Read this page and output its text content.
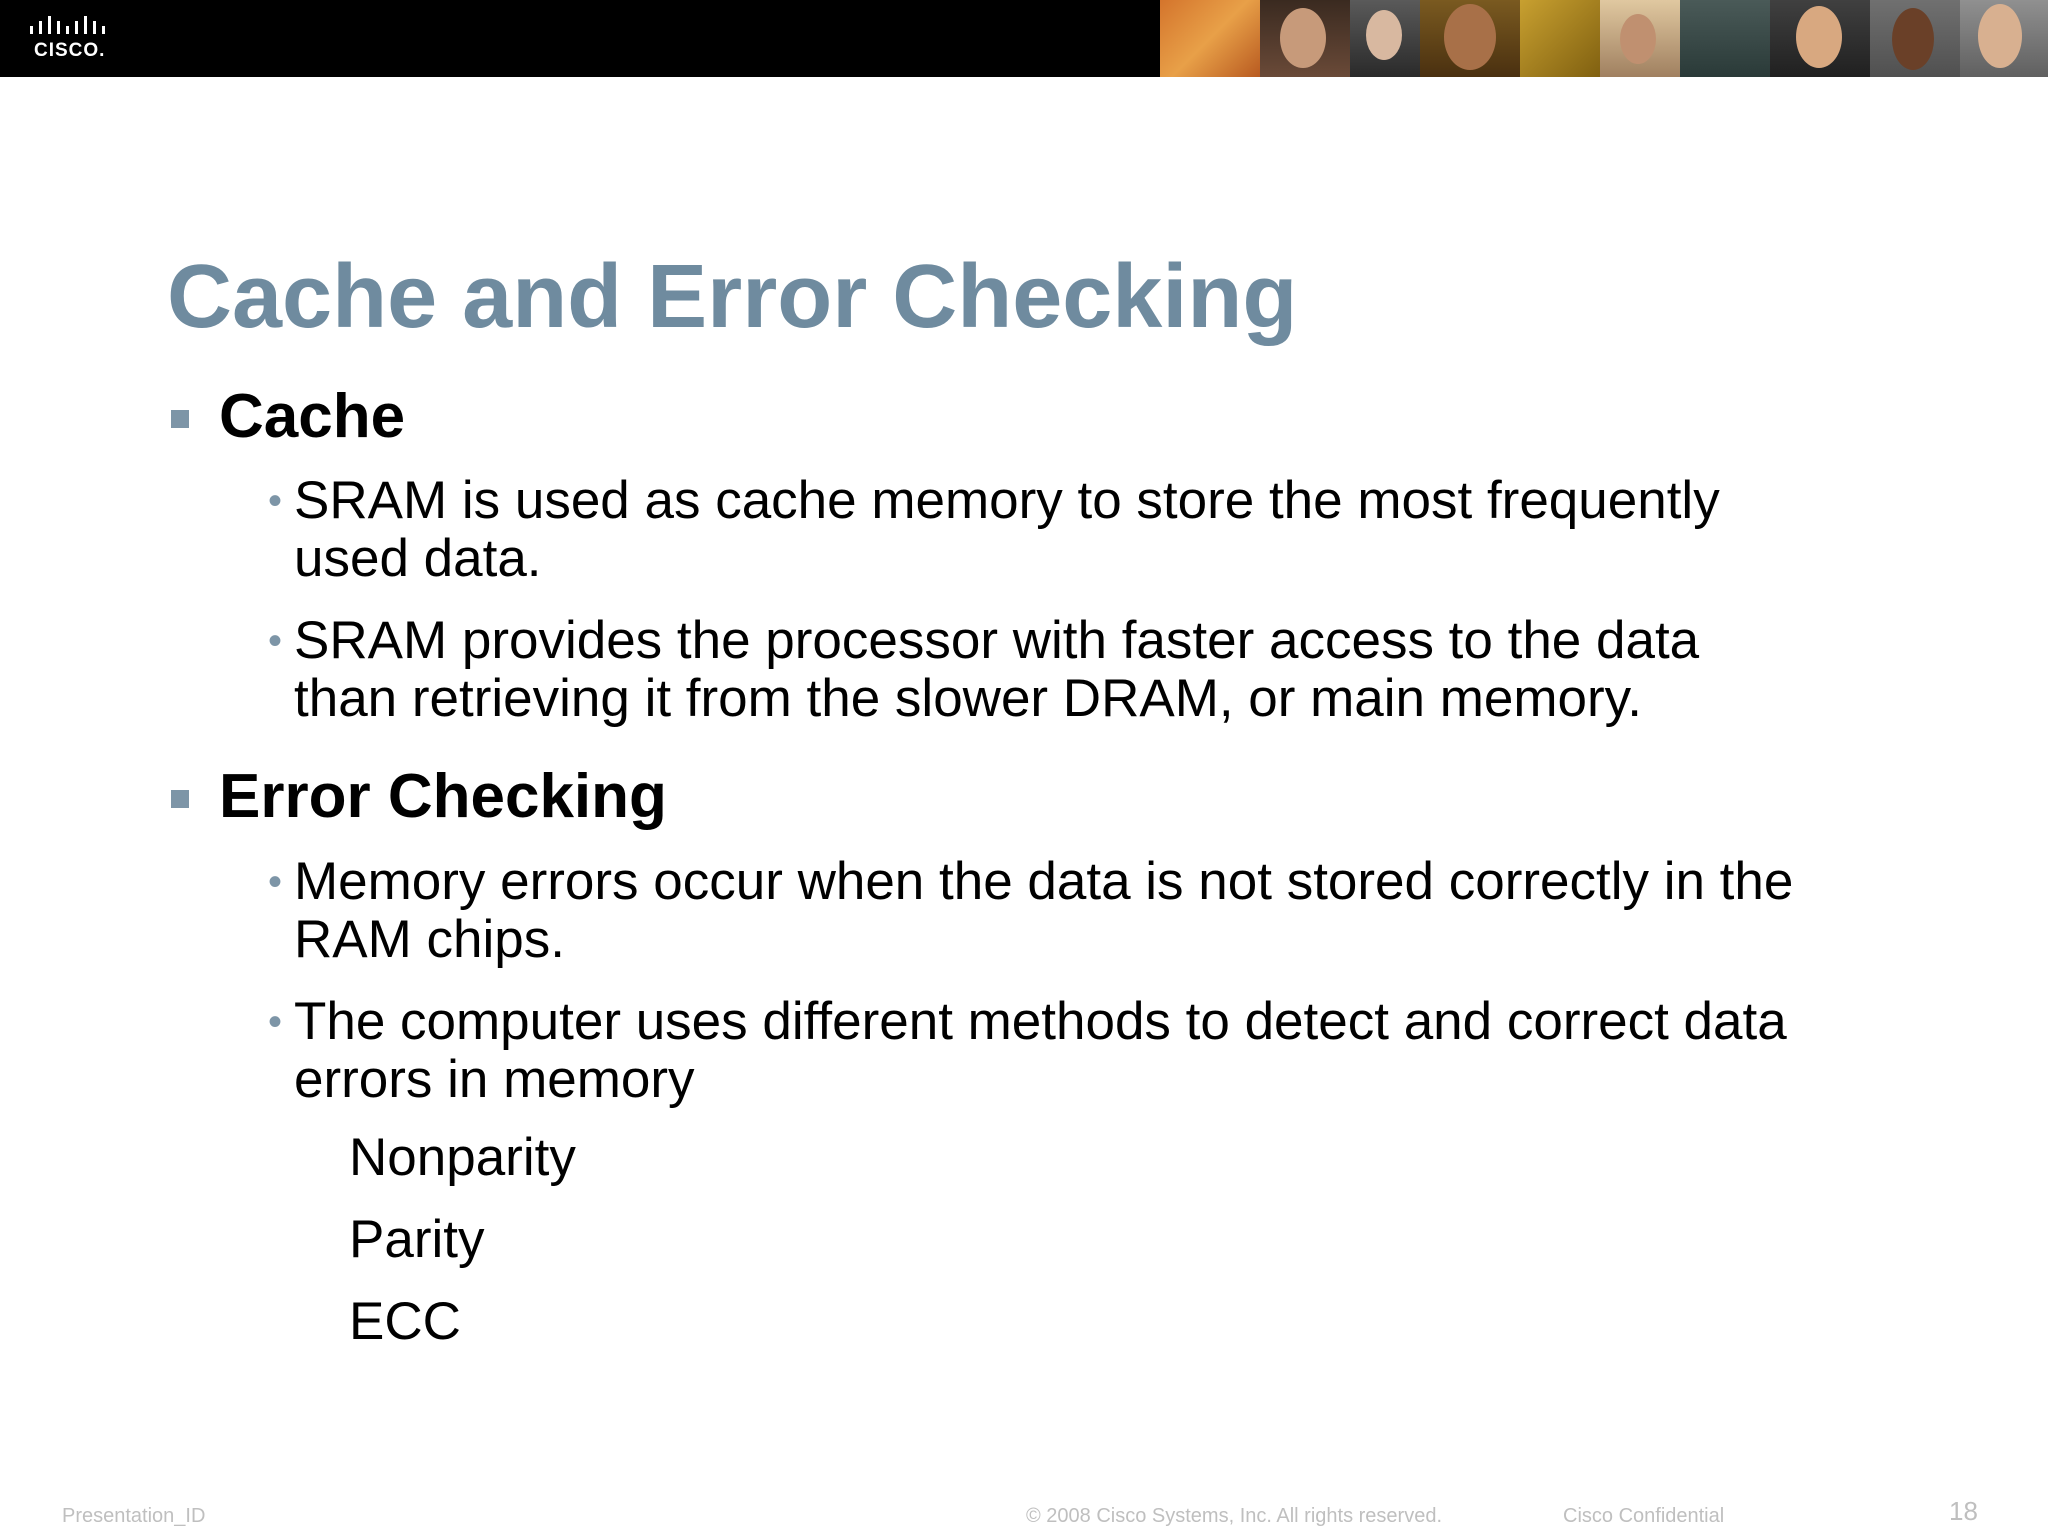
CISCO.
Cache and Error Checking
Cache
• SRAM is used as cache memory to store the most frequently
used data.
• SRAM provides the processor with faster access to the data
than retrieving it from the slower DRAM, or main memory.
Error Checking
• Memory errors occur when the data is not stored correctly in the
RAM chips.
• The computer uses different methods to detect and correct data
errors in memory
Nonparity
Parity
ECC
Presentation_ID	© 2008 Cisco Systems, Inc. All rights reserved.	Cisco Confidential	18
